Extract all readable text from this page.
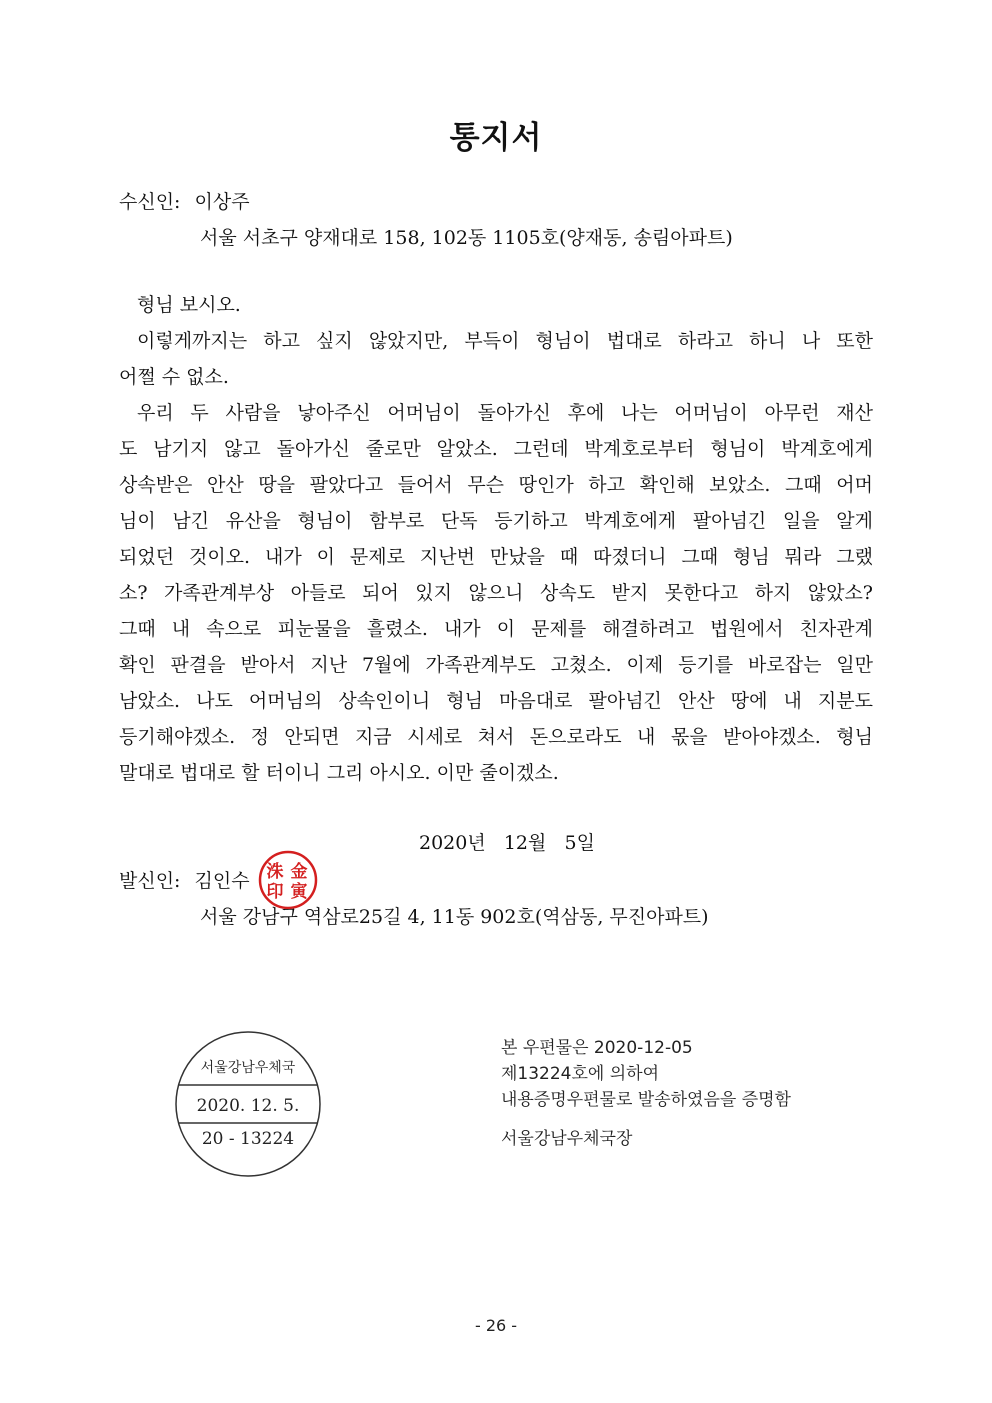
통지서
수신인: 이상주
서울 서초구 양재대로 158, 102동 1105호(양재동, 송림아파트)
형님 보시오.
이렇게까지는 하고 싶지 않았지만, 부득이 형님이 법대로 하라고 하니 나 또한
어쩔 수 없소.
우리 두 사람을 낳아주신 어머님이 돌아가신 후에 나는 어머님이 아무런 재산
도 남기지 않고 돌아가신 줄로만 알았소. 그런데 박계호로부터 형님이 박계호에게
상속받은 안산 땅을 팔았다고 들어서 무슨 땅인가 하고 확인해 보았소. 그때 어머
님이 남긴 유산을 형님이 함부로 단독 등기하고 박계호에게 팔아넘긴 일을 알게
되었던 것이오. 내가 이 문제로 지난번 만났을 때 따졌더니 그때 형님 뭐라 그랬
소? 가족관계부상 아들로 되어 있지 않으니 상속도 받지 못한다고 하지 않았소?
그때 내 속으로 피눈물을 흘렸소. 내가 이 문제를 해결하려고 법원에서 친자관계
확인 판결을 받아서 지난 7월에 가족관계부도 고쳤소. 이제 등기를 바로잡는 일만
남았소. 나도 어머님의 상속인이니 형님 마음대로 팔아넘긴 안산 땅에 내 지분도
등기해야겠소. 정 안되면 지금 시세로 쳐서 돈으로라도 내 몫을 받아야겠소. 형님
말대로 법대로 할 터이니 그리 아시오. 이만 줄이겠소.
2020년   12월   5일
발신인: 김인수 洙 金
印 寅
서울 강남구 역삼로25길 4, 11동 902호(역삼동, 무진아파트)
서울강남우체국
2020. 12. 5.
20 - 13224
본 우편물은 2020-12-05
제13224호에 의하여
내용증명우편물로 발송하였음을 증명함
서울강남우체국장
- 26 -
